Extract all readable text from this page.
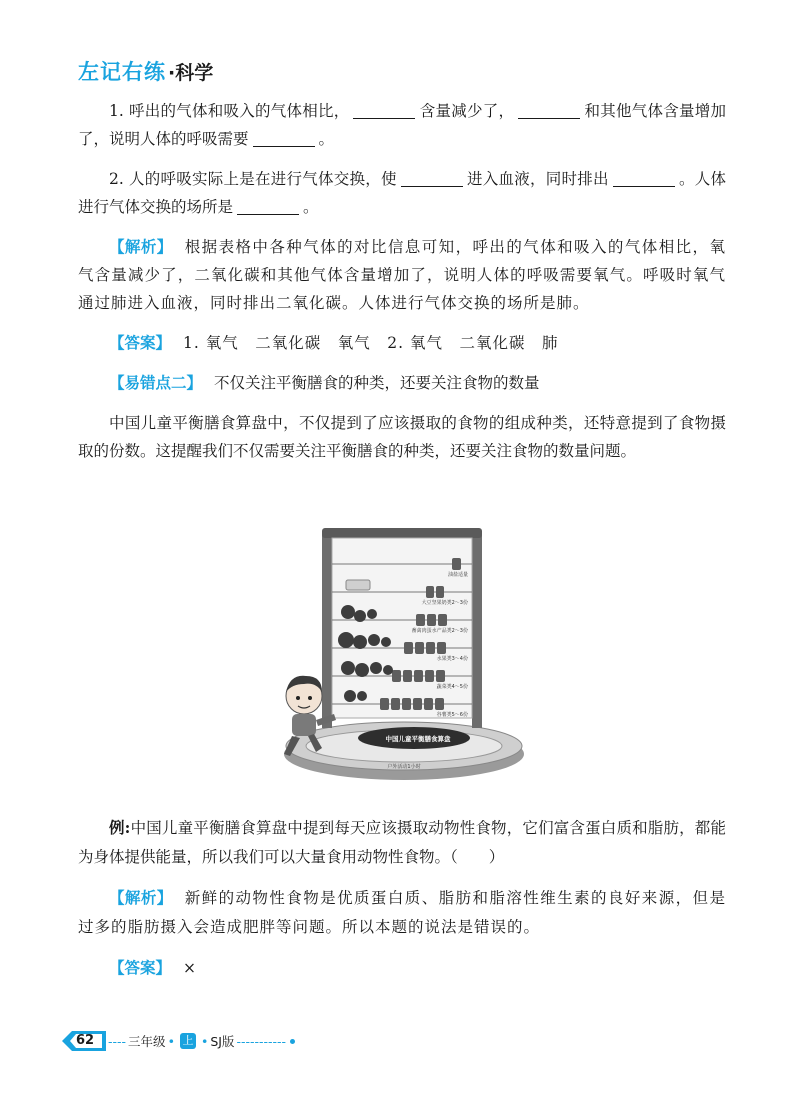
左记右练 ·科学

1. 呼出的气体和吸入的气体相比，	含量减少了，	和其他气体含量增加了，说明人体的呼吸需要	。

2. 人的呼吸实际上是在进行气体交换，使	进入血液，同时排出	。人体进行气体交换的场所是	。

【解析】 根据表格中各种气体的对比信息可知，呼出的气体和吸入的气体相比，氧气含量减少了，二氧化碳和其他气体含量增加了，说明人体的呼吸需要氧气。呼吸时氧气通过肺进入血液，同时排出二氧化碳。人体进行气体交换的场所是肺。

【答案】 1. 氧气　二氧化碳　氧气　2. 氧气　二氧化碳　肺

【易错点二】 不仅关注平衡膳食的种类，还要关注食物的数量

中国儿童平衡膳食算盘中，不仅提到了应该摄取的食物的组成种类，还特意提到了食物摄取的份数。这提醒我们不仅需要关注平衡膳食的种类，还要关注食物的数量问题。

油盐适量
大豆坚果奶类2～3份
畜禽肉蛋水产品类2～3份
水果类3～4份
蔬菜类4～5份
谷薯类5～6份
中国儿童平衡膳食算盘
户外活动1小时

例:中国儿童平衡膳食算盘中提到每天应该摄取动物性食物，它们富含蛋白质和脂肪，都能为身体提供能量，所以我们可以大量食用动物性食物。（　　）

【解析】 新鲜的动物性食物是优质蛋白质、脂肪和脂溶性维生素的良好来源，但是过多的脂肪摄入会造成肥胖等问题。所以本题的说法是错误的。

【答案】 ×

62 ---- 三年级 • 上 • SJ版 -----------
